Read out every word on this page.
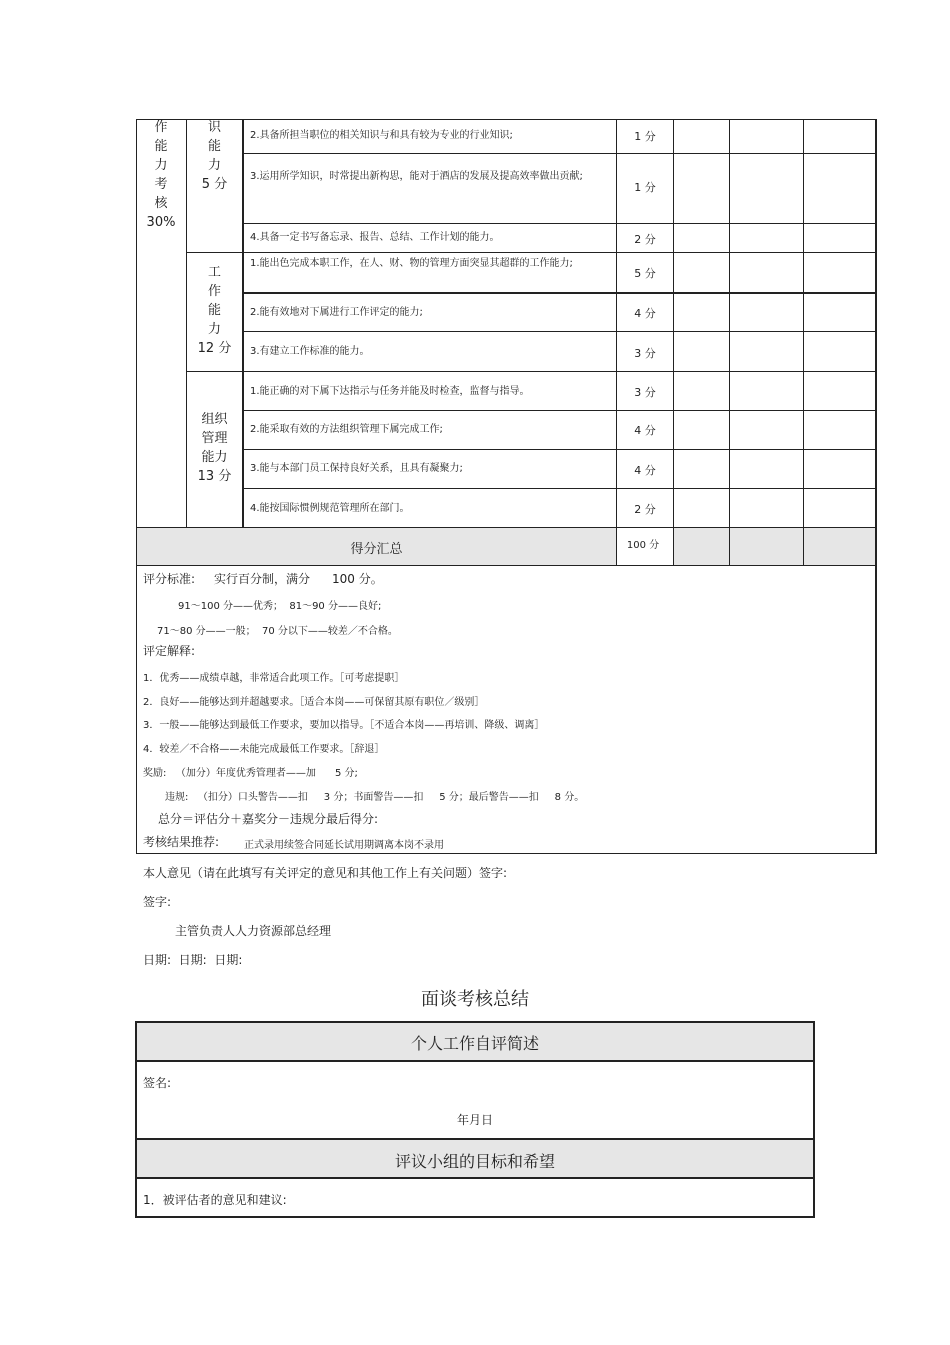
作
能
力
考
核
30%
识
能
力
5 分
工
作
能
力
12 分
组织
管理
能力
13 分
2.具备所担当职位的相关知识与和具有较为专业的行业知识;
3.运用所学知识，时常提出新构思，能对于酒店的发展及提高效率做出贡献;
4.具备一定书写备忘录、报告、总结、工作计划的能力。
1.能出色完成本职工作，在人、财、物的管理方面突显其超群的工作能力;
2.能有效地对下属进行工作评定的能力;
3.有建立工作标准的能力。
1.能正确的对下属下达指示与任务并能及时检查，监督与指导。
2.能采取有效的方法组织管理下属完成工作;
3.能与本部门员工保持良好关系，且具有凝聚力;
4.能按国际惯例规范管理所在部门。
1 分
1 分
2 分
5 分
4 分
3 分
3 分
4 分
4 分
2 分
得分汇总	100 分
评分标准: 实行百分制，满分 100 分。
91～100 分——优秀；  81～90 分——良好;
71～80 分——一般；  70 分以下——较差／不合格。
评定解释:
1．优秀——成绩卓越，非常适合此项工作。［可考虑提职］
2．良好——能够达到并超越要求。［适合本岗——可保留其原有职位／级别］
3．一般——能够达到最低工作要求，要加以指导。［不适合本岗——再培训、降级、调离］
4．较差／不合格——未能完成最低工作要求。［辞退］
奖励:   （加分）年度优秀管理者——加      5 分;
违规:   （扣分）口头警告——扣     3 分；书面警告——扣     5 分；最后警告——扣     8 分。
总分＝评估分＋嘉奖分－违规分最后得分:
考核结果推荐: 正式录用续签合同延长试用期调离本岗不录用
本人意见（请在此填写有关评定的意见和其他工作上有关问题）签字:
签字:
主管负责人人力资源部总经理
日期:  日期:  日期:
面谈考核总结
个人工作自评简述
签名:
年月日
评议小组的目标和希望
1．被评估者的意见和建议:
